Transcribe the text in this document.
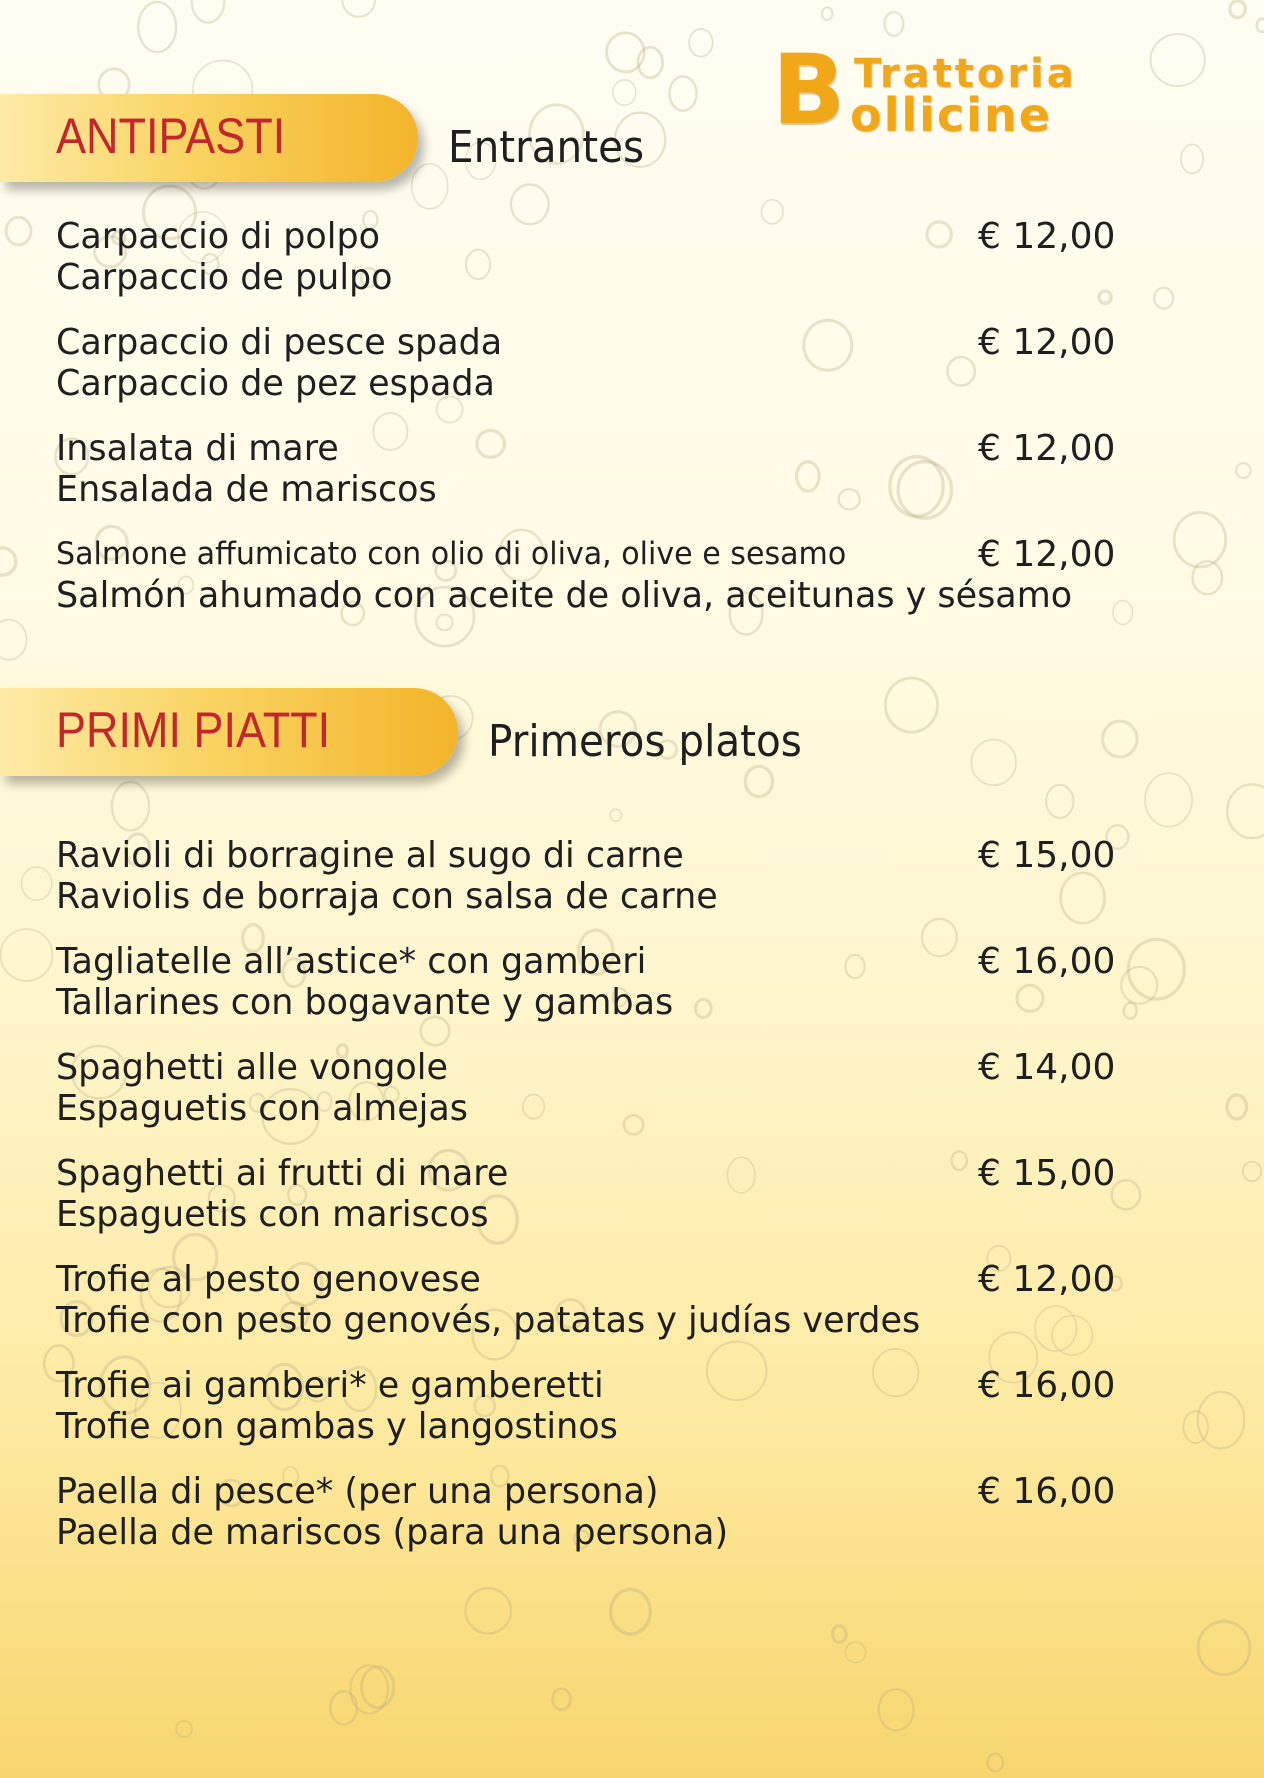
B Trattoria
ollicine
ANTIPASTI	Entrantes
Carpaccio di polpo
Carpaccio de pulpo
€ 12,00
Carpaccio di pesce spada
Carpaccio de pez espada
€ 12,00
Insalata di mare
Ensalada de mariscos
€ 12,00
Salmone affumicato con olio di oliva, olive e sesamo
Salmón ahumado con aceite de oliva, aceitunas y sésamo
€ 12,00
PRIMI PIATTI	Primeros platos
Ravioli di borragine al sugo di carne
Raviolis de borraja con salsa de carne
€ 15,00
Tagliatelle all’astice* con gamberi
Tallarines con bogavante y gambas
€ 16,00
Spaghetti alle vongole
Espaguetis con almejas
€ 14,00
Spaghetti ai frutti di mare
Espaguetis con mariscos
€ 15,00
Trofie al pesto genovese
Trofie con pesto genovés, patatas y judías verdes
€ 12,00
Trofie ai gamberi* e gamberetti
Trofie con gambas y langostinos
€ 16,00
Paella di pesce* (per una persona)
Paella de mariscos (para una persona)
€ 16,00
